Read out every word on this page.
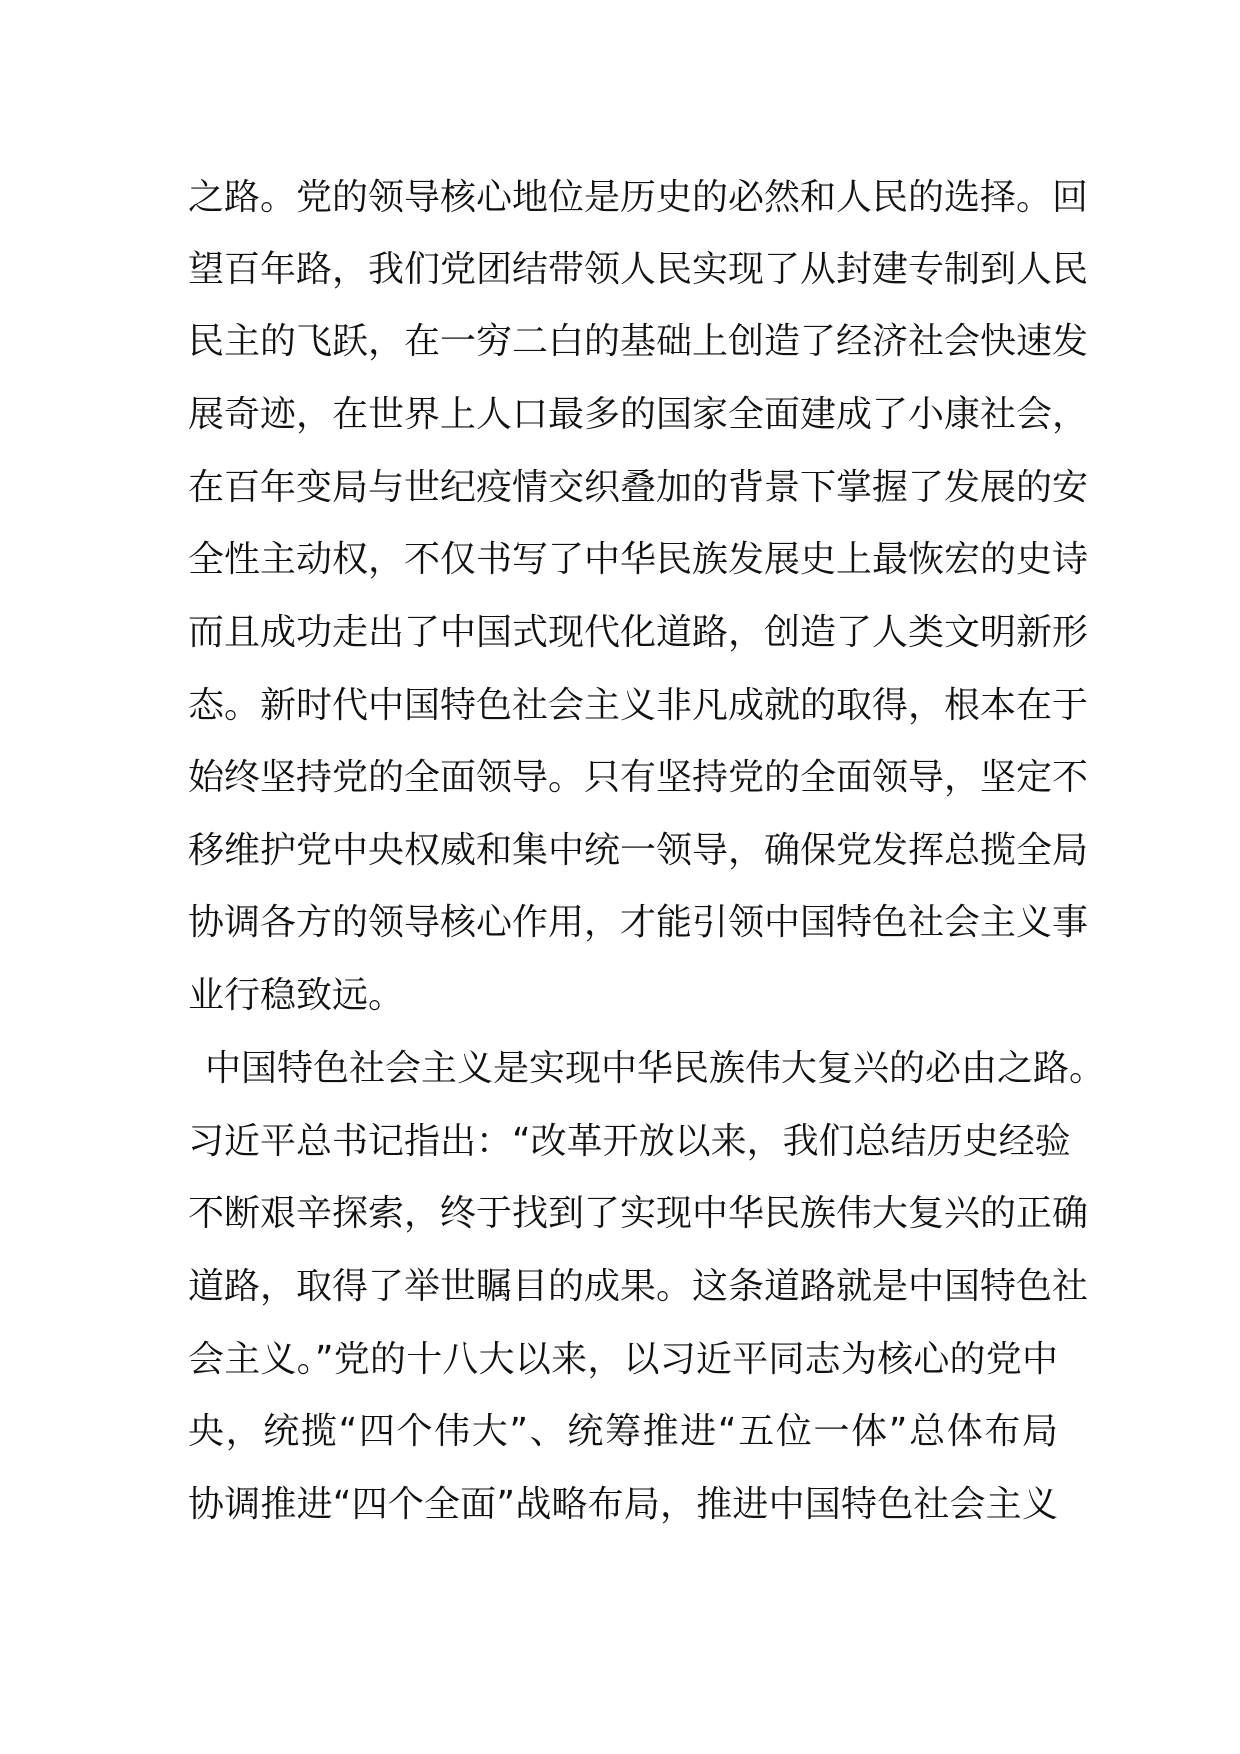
之路。党的领导核心地位是历史的必然和人民的选择。回
望百年路，我们党团结带领人民实现了从封建专制到人民
民主的飞跃，在一穷二白的基础上创造了经济社会快速发
展奇迹，在世界上人口最多的国家全面建成了小康社会，
在百年变局与世纪疫情交织叠加的背景下掌握了发展的安
全性主动权，不仅书写了中华民族发展史上最恢宏的史诗
而且成功走出了中国式现代化道路，创造了人类文明新形
态。新时代中国特色社会主义非凡成就的取得，根本在于
始终坚持党的全面领导。只有坚持党的全面领导，坚定不
移维护党中央权威和集中统一领导，确保党发挥总揽全局
协调各方的领导核心作用，才能引领中国特色社会主义事
业行稳致远。
中国特色社会主义是实现中华民族伟大复兴的必由之路。
习近平总书记指出：“改革开放以来，我们总结历史经验
不断艰辛探索，终于找到了实现中华民族伟大复兴的正确
道路，取得了举世瞩目的成果。这条道路就是中国特色社
会主义。”党的十八大以来，以习近平同志为核心的党中
央，统揽“四个伟大”、统筹推进“五位一体”总体布局
协调推进“四个全面”战略布局，推进中国特色社会主义
